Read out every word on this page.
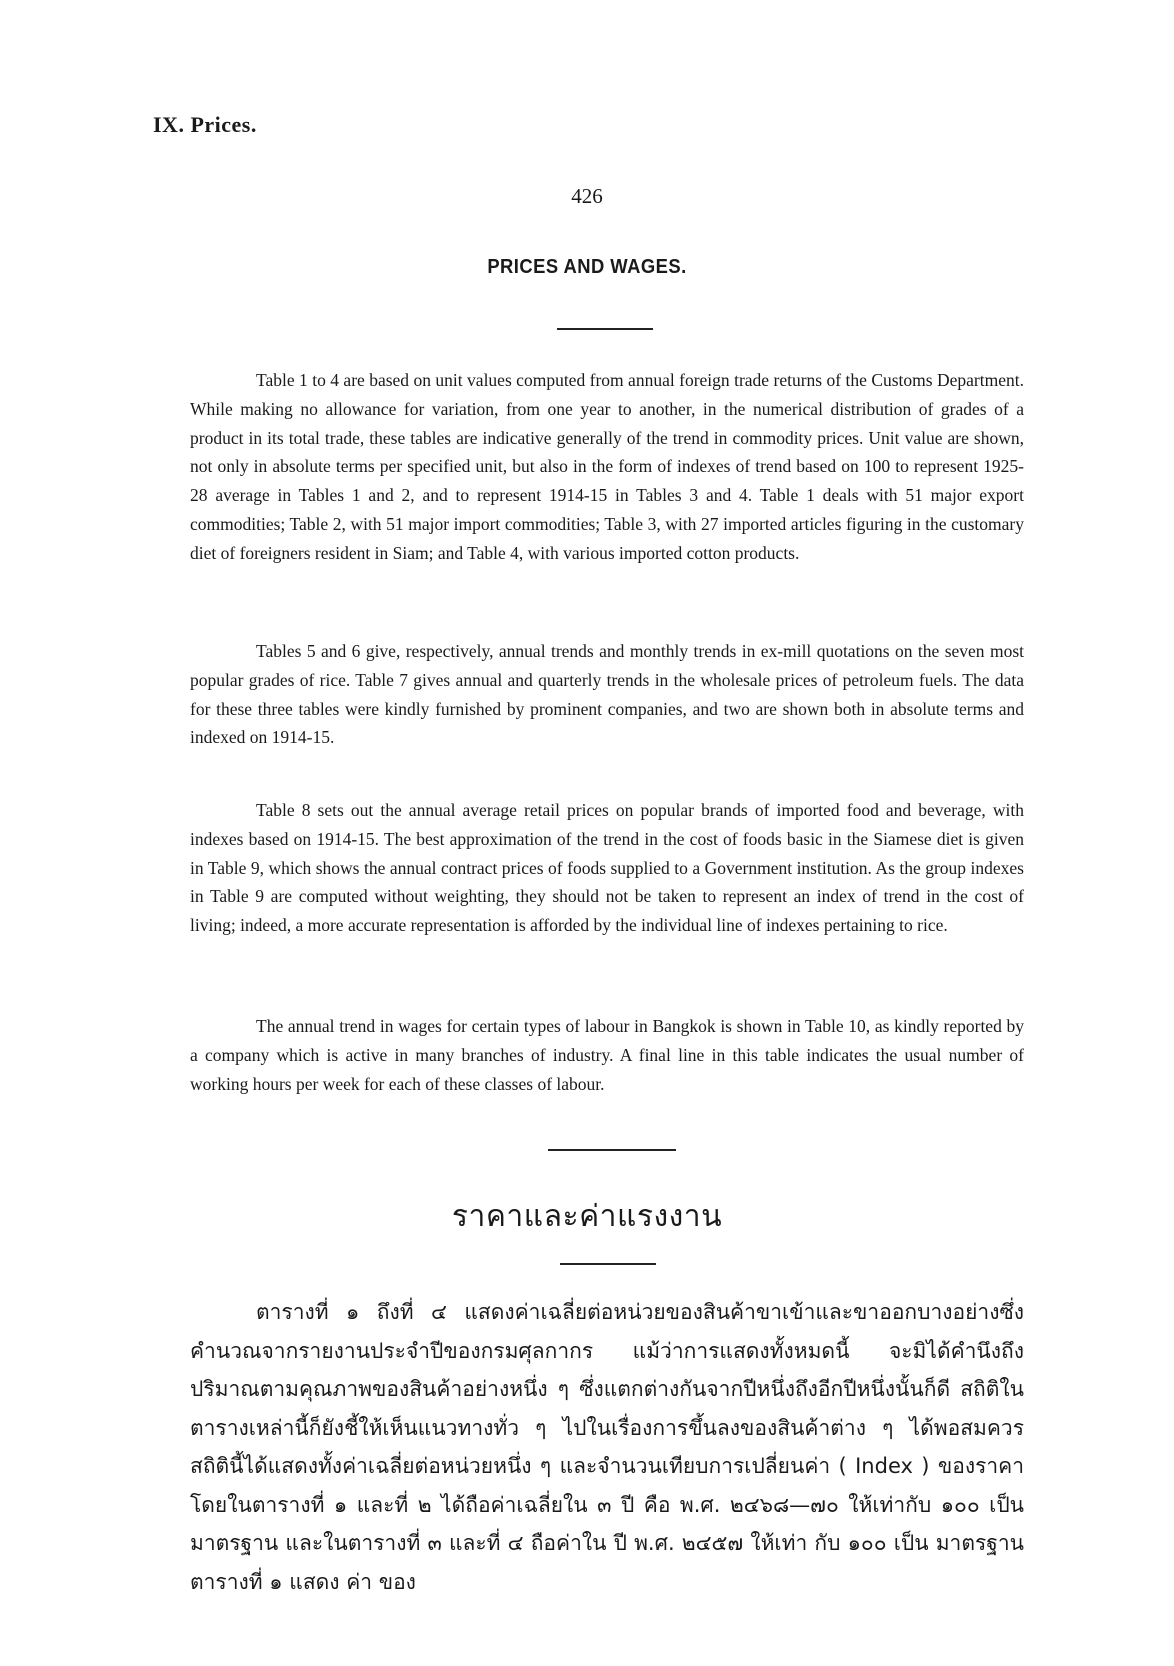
IX. Prices.
426
PRICES AND WAGES.

Table 1 to 4 are based on unit values computed from annual foreign trade returns of the Customs Department. While making no allowance for variation, from one year to another, in the numerical distribution of grades of a product in its total trade, these tables are indicative generally of the trend in commodity prices. Unit value are shown, not only in absolute terms per specified unit, but also in the form of indexes of trend based on 100 to represent 1925-28 average in Tables 1 and 2, and to represent 1914-15 in Tables 3 and 4. Table 1 deals with 51 major export commodities; Table 2, with 51 major import commodities; Table 3, with 27 imported articles figuring in the customary diet of foreigners resident in Siam; and Table 4, with various imported cotton products.

Tables 5 and 6 give, respectively, annual trends and monthly trends in ex-mill quotations on the seven most popular grades of rice. Table 7 gives annual and quarterly trends in the wholesale prices of petroleum fuels. The data for these three tables were kindly furnished by prominent companies, and two are shown both in absolute terms and indexed on 1914-15.

Table 8 sets out the annual average retail prices on popular brands of imported food and beverage, with indexes based on 1914-15. The best approximation of the trend in the cost of foods basic in the Siamese diet is given in Table 9, which shows the annual contract prices of foods supplied to a Government institution. As the group indexes in Table 9 are computed without weighting, they should not be taken to represent an index of trend in the cost of living; indeed, a more accurate representation is afforded by the individual line of indexes pertaining to rice.

The annual trend in wages for certain types of labour in Bangkok is shown in Table 10, as kindly reported by a company which is active in many branches of industry. A final line in this table indicates the usual number of working hours per week for each of these classes of labour.

ราคาและค่าแรงงาน
ตารางที่ ๑ ถึงที่ ๔ แสดงค่าเฉลี่ยต่อหน่วยของสินค้าขาเข้าและขาออกบางอย่างซึ่งคำนวณจากรายงานประจำปีของกรมศุลกากร แม้ว่าการแสดงทั้งหมดนี้ จะมิได้คำนึงถึงปริมาณตามคุณภาพของสินค้าอย่างหนึ่ง ๆ ซึ่งแตกต่างกันจากปีหนึ่งถึงอีกปีหนึ่งนั้นก็ดี สถิติในตารางเหล่านี้ก็ยังชี้ให้เห็นแนวทางทั่ว ๆ ไปในเรื่องการขึ้นลงของสินค้าต่าง ๆ ได้พอสมควร สถิตินี้ได้แสดงทั้งค่าเฉลี่ยต่อหน่วยหนึ่ง ๆ และจำนวนเทียบการเปลี่ยนค่า ( Index ) ของราคา โดยในตารางที่ ๑ และที่ ๒ ได้ถือค่าเฉลี่ยใน ๓ ปี คือ พ.ศ. ๒๔๖๘—๗๐ ให้เท่ากับ ๑๐๐ เป็นมาตรฐาน และในตารางที่ ๓ และที่ ๔ ถือค่าใน ปี พ.ศ. ๒๔๕๗ ให้เท่า กับ ๑๐๐ เป็น มาตรฐาน ตารางที่ ๑ แสดง ค่า ของ
